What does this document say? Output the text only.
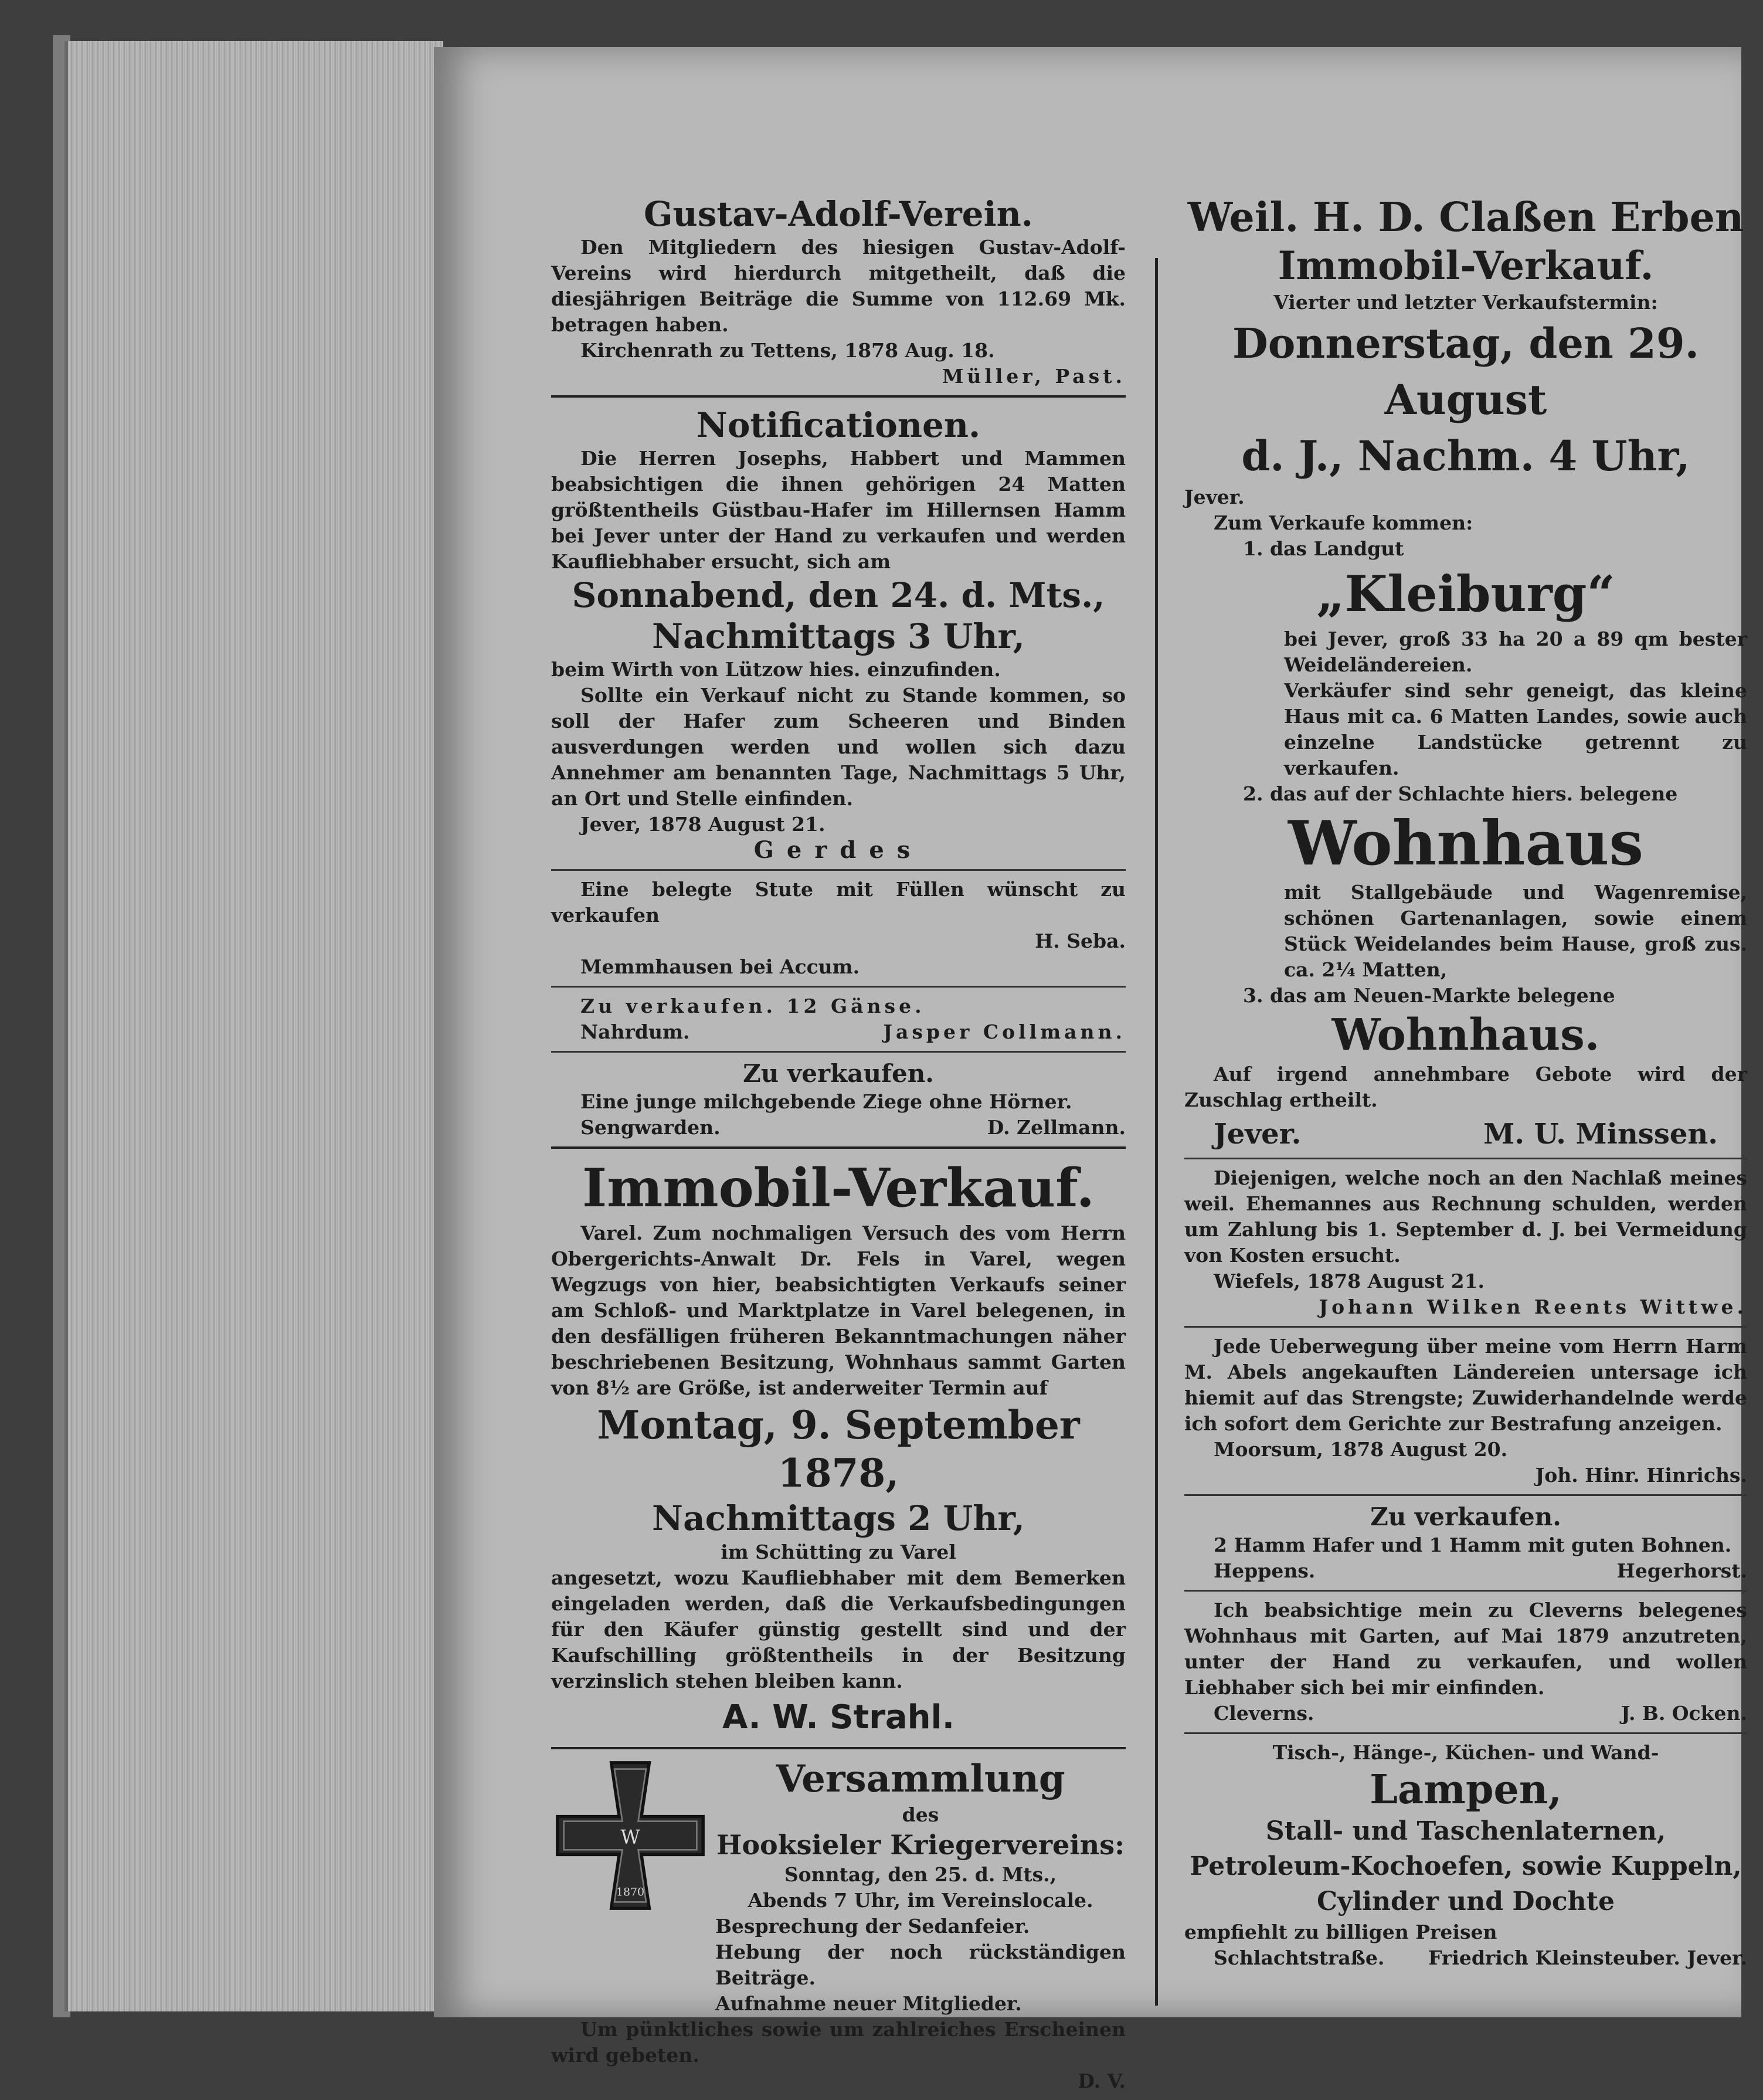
Gustav-Adolf-Verein.
Den Mitgliedern des hiesigen Gustav-Adolf-Vereins wird hierdurch mitgetheilt, daß die diesjährigen Beiträge die Summe von 112.69 Mk. betragen haben.
Kirchenrath zu Tettens, 1878 Aug. 18.
Müller, Past.
Notificationen.
Die Herren Josephs, Habbert und Mammen beabsichtigen die ihnen gehörigen 24 Matten größtentheils Güstbau-Hafer im Hillernsen Hamm bei Jever unter der Hand zu verkaufen und werden Kaufliebhaber ersucht, sich am
Sonnabend, den 24. d. Mts.,
Nachmittags 3 Uhr,
beim Wirth von Lützow hies. einzufinden.
Sollte ein Verkauf nicht zu Stande kommen, so soll der Hafer zum Scheeren und Binden ausverdungen werden und wollen sich dazu Annehmer am benannten Tage, Nachmittags 5 Uhr, an Ort und Stelle einfinden.
Jever, 1878 August 21.
Gerdes
Eine belegte Stute mit Füllen wünscht zu verkaufen
H. Seba.
Memmhausen bei Accum.
Zu verkaufen. 12 Gänse.
Nahrdum.	Jasper Collmann.
Zu verkaufen.
Eine junge milchgebende Ziege ohne Hörner.
Sengwarden.	D. Zellmann.
Immobil-Verkauf.
Varel. Zum nochmaligen Versuch des vom Herrn Obergerichts-Anwalt Dr. Fels in Varel, wegen Wegzugs von hier, beabsichtigten Verkaufs seiner am Schloß- und Marktplatze in Varel belegenen, in den desfälligen früheren Bekanntmachungen näher beschriebenen Besitzung, Wohnhaus sammt Garten von 8½ are Größe, ist anderweiter Termin auf
Montag, 9. September 1878,
Nachmittags 2 Uhr,
im Schütting zu Varel
angesetzt, wozu Kaufliebhaber mit dem Bemerken eingeladen werden, daß die Verkaufsbedingungen für den Käufer günstig gestellt sind und der Kaufschilling größtentheils in der Besitzung verzinslich stehen bleiben kann.
A. W. Strahl.
W
1870
Versammlung
des
Hooksieler Kriegervereins:
Sonntag, den 25. d. Mts.,
Abends 7 Uhr, im Vereinslocale.
Besprechung der Sedanfeier.
Hebung der noch rückständigen Beiträge.
Aufnahme neuer Mitglieder.
Um pünktliches sowie um zahlreiches Erscheinen wird gebeten.
D. V.
Weil. H. D. Claßen Erben
Immobil-Verkauf.
Vierter und letzter Verkaufstermin:
Donnerstag, den 29. August
d. J., Nachm. 4 Uhr,
Jever.
Zum Verkaufe kommen:
1. das Landgut
„Kleiburg“
bei Jever, groß 33 ha 20 a 89 qm bester Weideländereien.
Verkäufer sind sehr geneigt, das kleine Haus mit ca. 6 Matten Landes, sowie auch einzelne Landstücke getrennt zu verkaufen.
2. das auf der Schlachte hiers. belegene
Wohnhaus
mit Stallgebäude und Wagenremise, schönen Gartenanlagen, sowie einem Stück Weidelandes beim Hause, groß zus. ca. 2¼ Matten,
3. das am Neuen-Markte belegene
Wohnhaus.
Auf irgend annehmbare Gebote wird der Zuschlag ertheilt.
Jever.	M. U. Minssen.
Diejenigen, welche noch an den Nachlaß meines weil. Ehemannes aus Rechnung schulden, werden um Zahlung bis 1. September d. J. bei Vermeidung von Kosten ersucht.
Wiefels, 1878 August 21.
Johann Wilken Reents Wittwe.
Jede Ueberwegung über meine vom Herrn Harm M. Abels angekauften Ländereien untersage ich hiemit auf das Strengste; Zuwiderhandelnde werde ich sofort dem Gerichte zur Bestrafung anzeigen.
Moorsum, 1878 August 20.
Joh. Hinr. Hinrichs.
Zu verkaufen.
2 Hamm Hafer und 1 Hamm mit guten Bohnen.
Heppens.	Hegerhorst.
Ich beabsichtige mein zu Cleverns belegenes Wohnhaus mit Garten, auf Mai 1879 anzutreten, unter der Hand zu verkaufen, und wollen Liebhaber sich bei mir einfinden.
Cleverns.	J. B. Ocken.
Tisch-, Hänge-, Küchen- und Wand-
Lampen,
Stall- und Taschenlaternen, Petroleum-Kochoefen, sowie Kuppeln, Cylinder und Dochte
empfiehlt zu billigen Preisen
Schlachtstraße. Friedrich Kleinsteuber. Jever.
